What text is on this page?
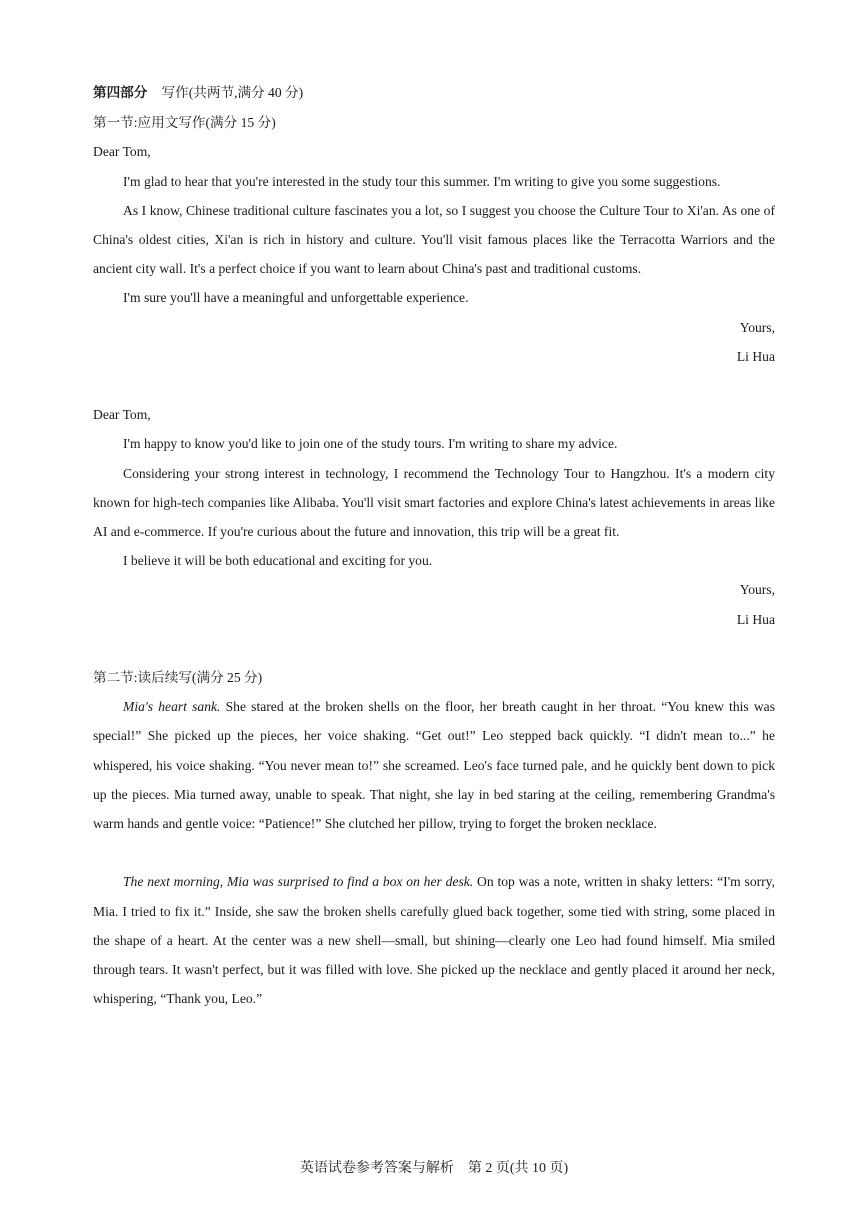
第四部分 写作(共两节,满分 40 分)
第一节:应用文写作(满分 15 分)
Dear Tom,

I'm glad to hear that you're interested in the study tour this summer. I'm writing to give you some suggestions.

As I know, Chinese traditional culture fascinates you a lot, so I suggest you choose the Culture Tour to Xi'an. As one of China's oldest cities, Xi'an is rich in history and culture. You'll visit famous places like the Terracotta Warriors and the ancient city wall. It's a perfect choice if you want to learn about China's past and traditional customs.

I'm sure you'll have a meaningful and unforgettable experience.

Yours,
Li Hua
Dear Tom,

I'm happy to know you'd like to join one of the study tours. I'm writing to share my advice.

Considering your strong interest in technology, I recommend the Technology Tour to Hangzhou. It's a modern city known for high-tech companies like Alibaba. You'll visit smart factories and explore China's latest achievements in areas like AI and e-commerce. If you're curious about the future and innovation, this trip will be a great fit.

I believe it will be both educational and exciting for you.

Yours,
Li Hua
第二节:读后续写(满分 25 分)

Mia's heart sank. She stared at the broken shells on the floor, her breath caught in her throat. “You knew this was special!” She picked up the pieces, her voice shaking. “Get out!” Leo stepped back quickly. “I didn't mean to...” he whispered, his voice shaking. “You never mean to!” she screamed. Leo's face turned pale, and he quickly bent down to pick up the pieces. Mia turned away, unable to speak. That night, she lay in bed staring at the ceiling, remembering Grandma's warm hands and gentle voice: “Patience!” She clutched her pillow, trying to forget the broken necklace.

The next morning, Mia was surprised to find a box on her desk. On top was a note, written in shaky letters: “I'm sorry, Mia. I tried to fix it.” Inside, she saw the broken shells carefully glued back together, some tied with string, some placed in the shape of a heart. At the center was a new shell—small, but shining—clearly one Leo had found himself. Mia smiled through tears. It wasn't perfect, but it was filled with love. She picked up the necklace and gently placed it around her neck, whispering, “Thank you, Leo.”

英语试卷参考答案与解析　第 2 页(共 10 页)
